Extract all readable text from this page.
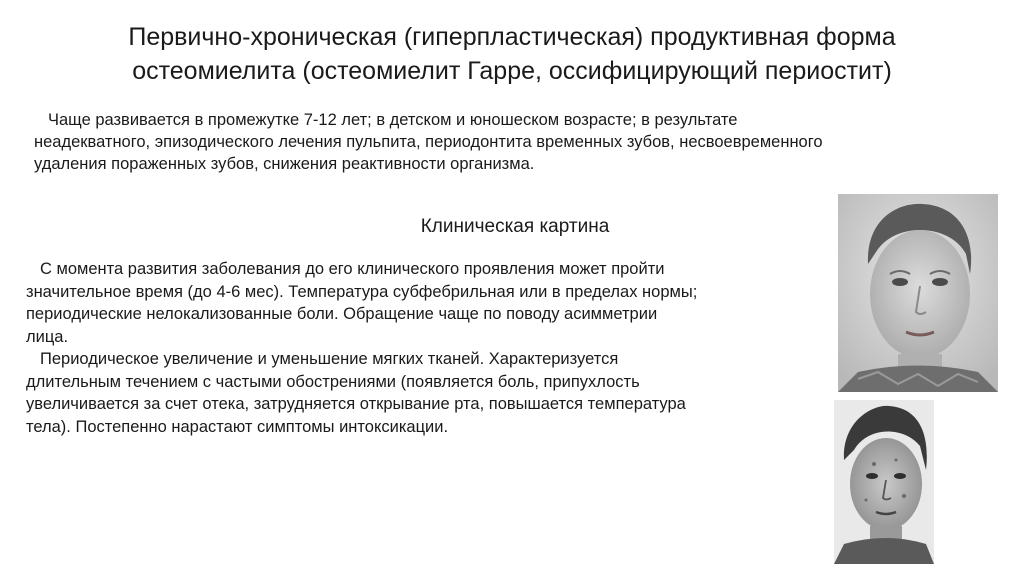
Первично-хроническая (гиперпластическая) продуктивная форма
остеомиелита (остеомиелит Гарре, оссифицирующий периостит)

Чаще развивается в промежутке 7-12 лет; в детском и юношеском возрасте; в результате
неадекватного, эпизодического лечения пульпита, периодонтита временных зубов, несвоевременного
удаления пораженных зубов, снижения реактивности организма.

Клиническая картина

С момента развития заболевания до его клинического проявления может пройти
значительное время (до 4-6 мес). Температура субфебрильная или в пределах нормы;
периодические нелокализованные боли. Обращение чаще по поводу асимметрии
лица.

Периодическое увеличение и уменьшение мягких тканей. Характеризуется
длительным течением с частыми обострениями (появляется боль, припухлость
увеличивается за счет отека, затрудняется открывание рта, повышается температура
тела). Постепенно нарастают симптомы интоксикации.
